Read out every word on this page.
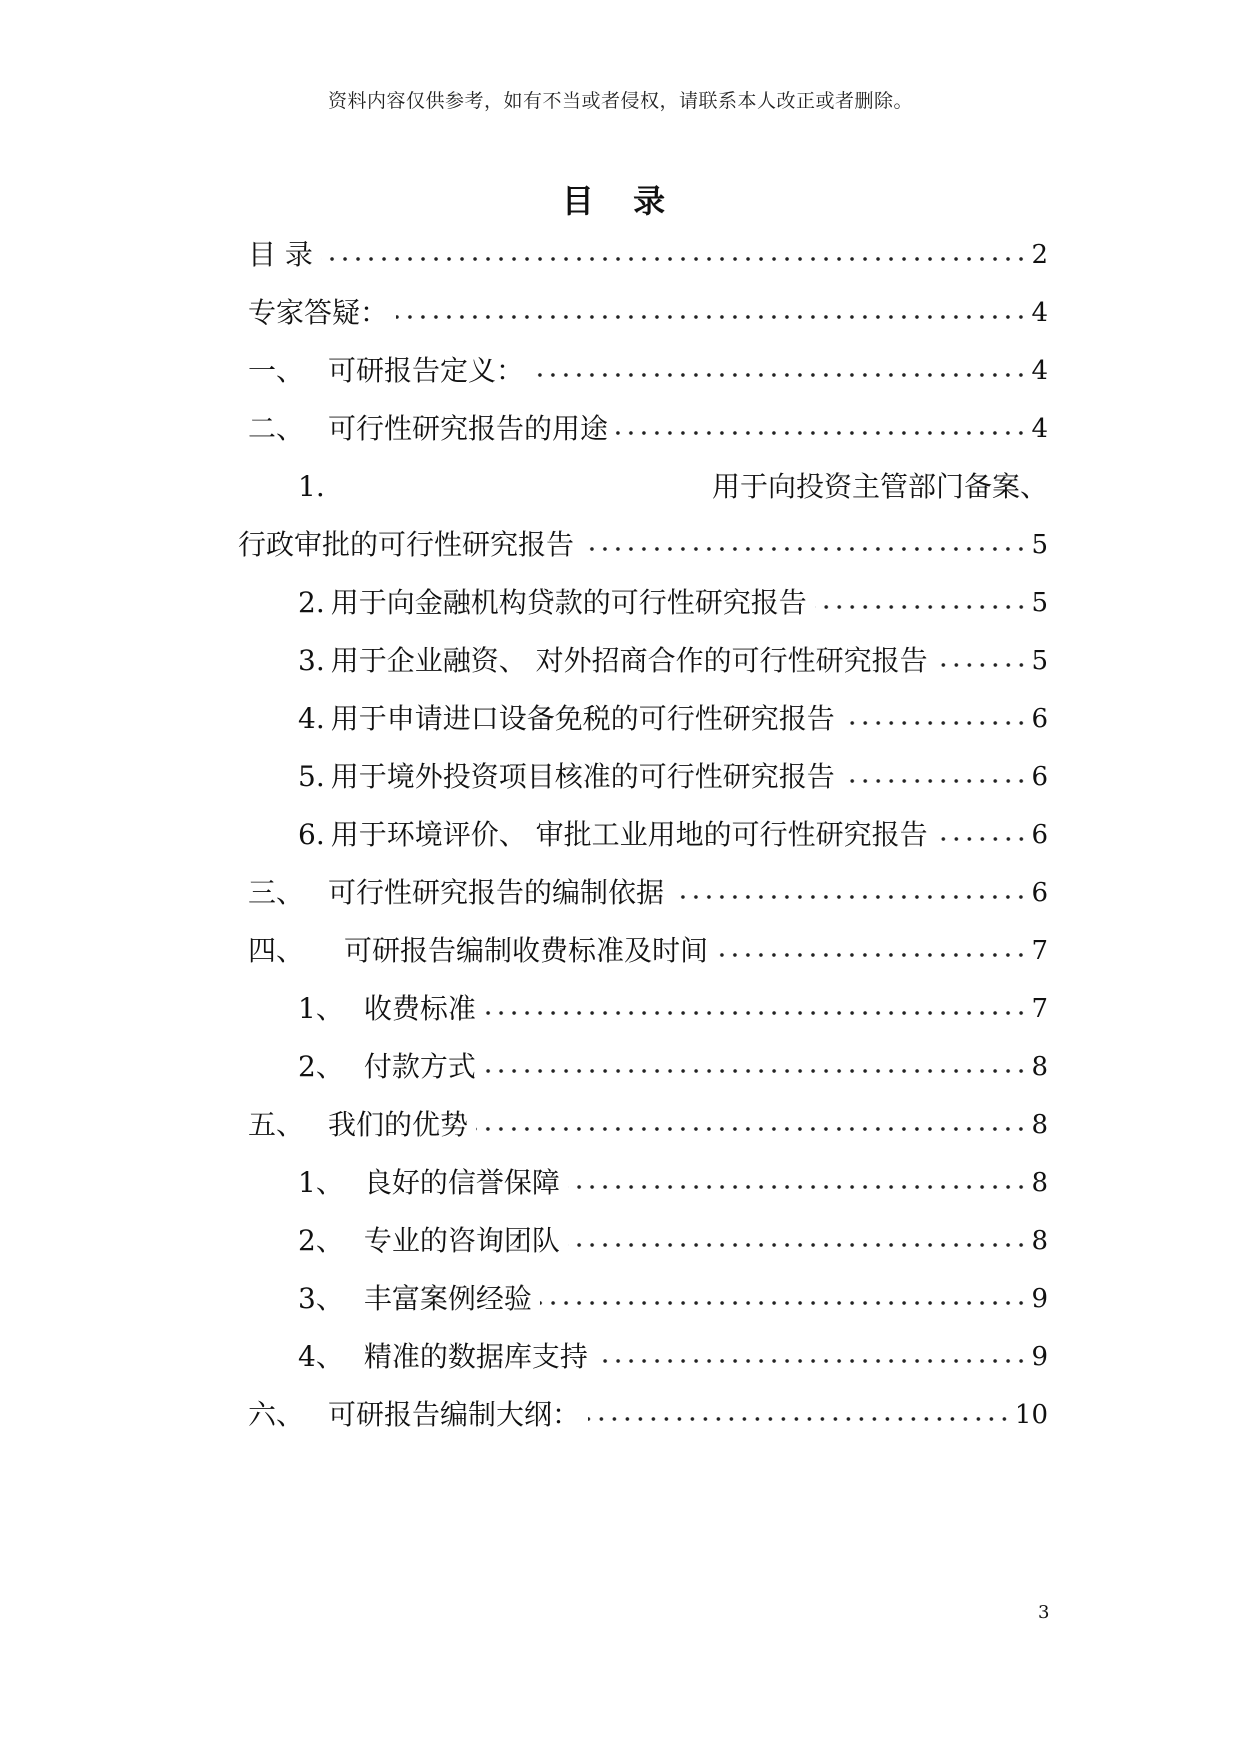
资料内容仅供参考，如有不当或者侵权，请联系本人改正或者删除。
目 录
目 录	2
专家答疑：	4
一、 可研报告定义：	4
二、 可行性研究报告的用途	4
1.	用于向投资主管部门备案、
行政审批的可行性研究报告	5
2. 用于向金融机构贷款的可行性研究报告	5
3. 用于企业融资、 对外招商合作的可行性研究报告	5
4. 用于申请进口设备免税的可行性研究报告	6
5. 用于境外投资项目核准的可行性研究报告	6
6. 用于环境评价、 审批工业用地的可行性研究报告	6
三、 可行性研究报告的编制依据	6
四、 可研报告编制收费标准及时间	7
1、 收费标准	7
2、 付款方式	8
五、 我们的优势	8
1、 良好的信誉保障	8
2、 专业的咨询团队	8
3、 丰富案例经验	9
4、 精准的数据库支持	9
六、 可研报告编制大纲：	10
3
